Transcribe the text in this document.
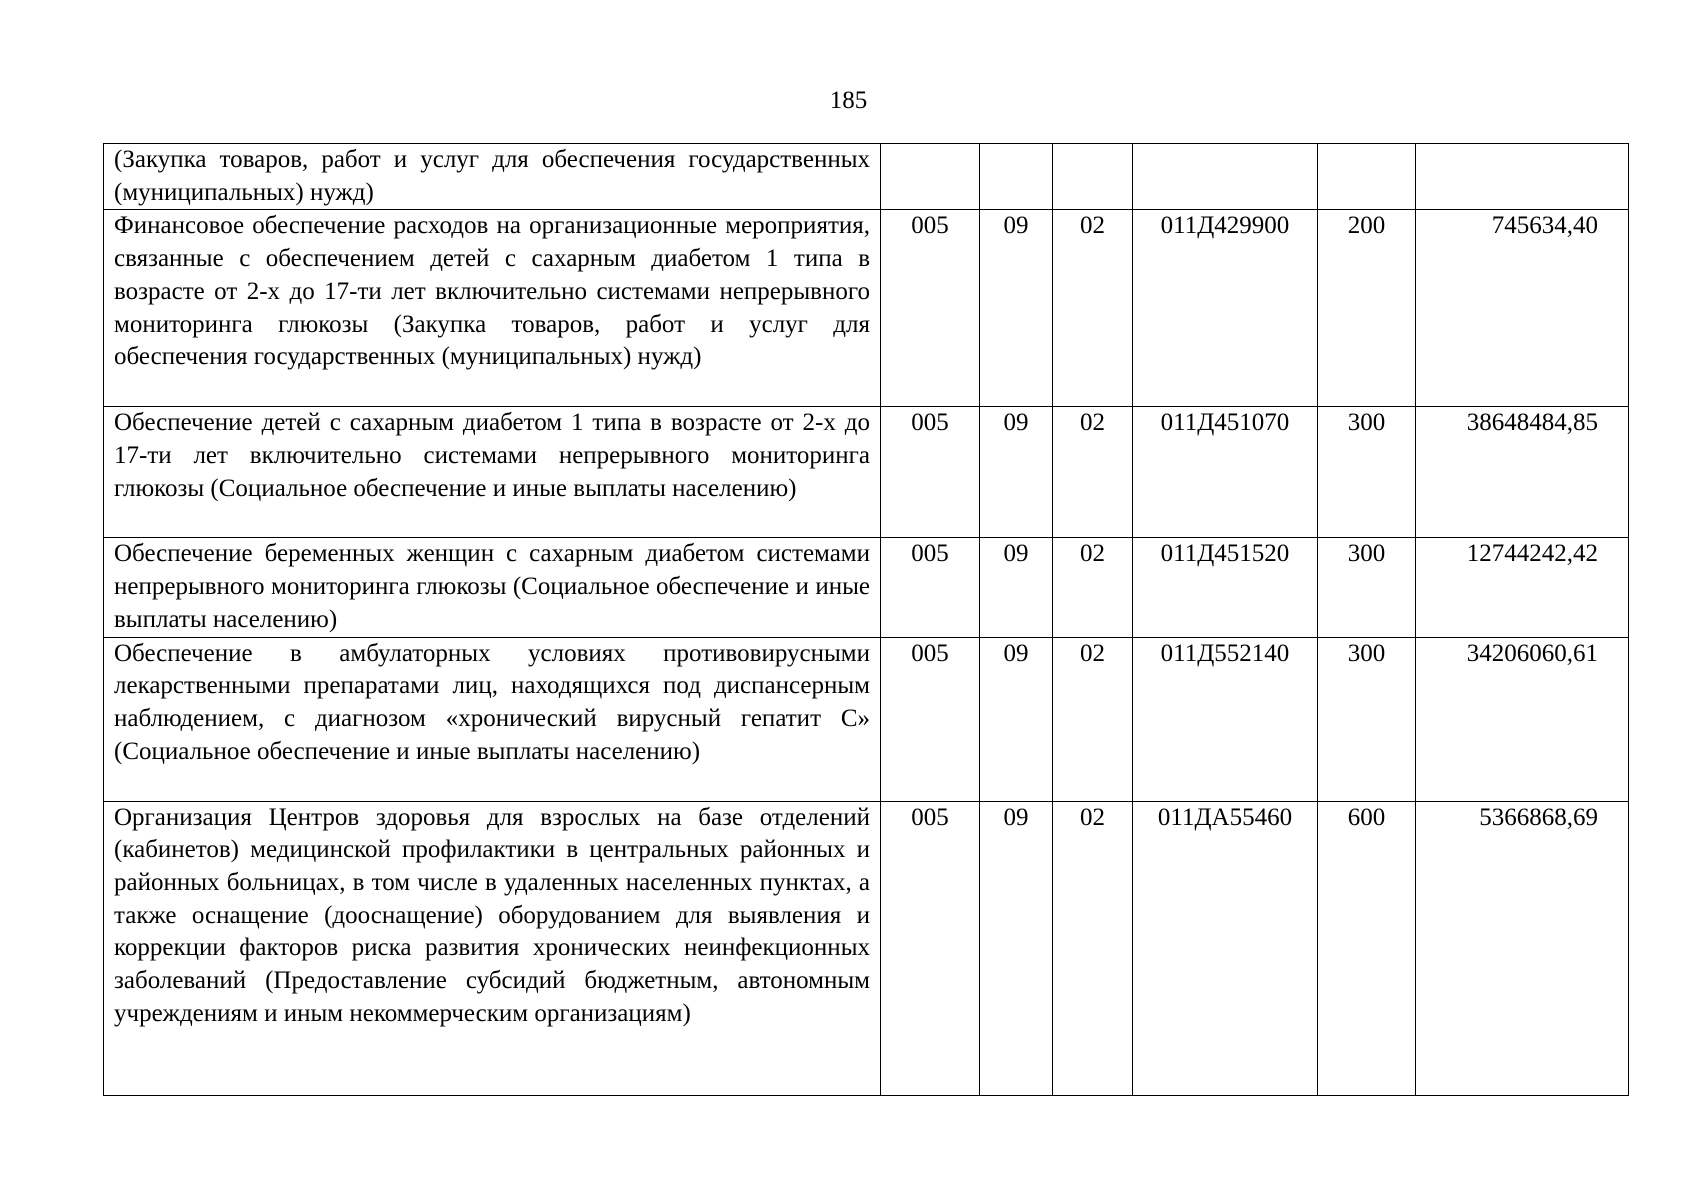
185
(Закупка товаров, работ и услуг для обеспечения государственных (муниципальных) нужд)						
Финансовое обеспечение расходов на организационные мероприятия, связанные с обеспечением детей с сахарным диабетом 1 типа в возрасте от 2-х до 17-ти лет включительно системами непрерывного мониторинга глюкозы (Закупка товаров, работ и услуг для обеспечения государственных (муниципальных) нужд)	005	09	02	011Д429900	200	745634,40
Обеспечение детей с сахарным диабетом 1 типа в возрасте от 2-х до 17-ти лет включительно системами непрерывного мониторинга глюкозы (Социальное обеспечение и иные выплаты населению)	005	09	02	011Д451070	300	38648484,85
Обеспечение беременных женщин с сахарным диабетом системами непрерывного мониторинга глюкозы (Социальное обеспечение и иные выплаты населению)	005	09	02	011Д451520	300	12744242,42
Обеспечение в амбулаторных условиях противовирусными лекарственными препаратами лиц, находящихся под диспансерным наблюдением, с диагнозом «хронический вирусный гепатит С» (Социальное обеспечение и иные выплаты населению)	005	09	02	011Д552140	300	34206060,61
Организация Центров здоровья для взрослых на базе отделений (кабинетов) медицинской профилактики в центральных районных и районных больницах, в том числе в удаленных населенных пунктах, а также оснащение (дооснащение) оборудованием для выявления и коррекции факторов риска развития хронических неинфекционных заболеваний (Предоставление субсидий бюджетным, автономным учреждениям и иным некоммерческим организациям)	005	09	02	011ДА55460	600	5366868,69
